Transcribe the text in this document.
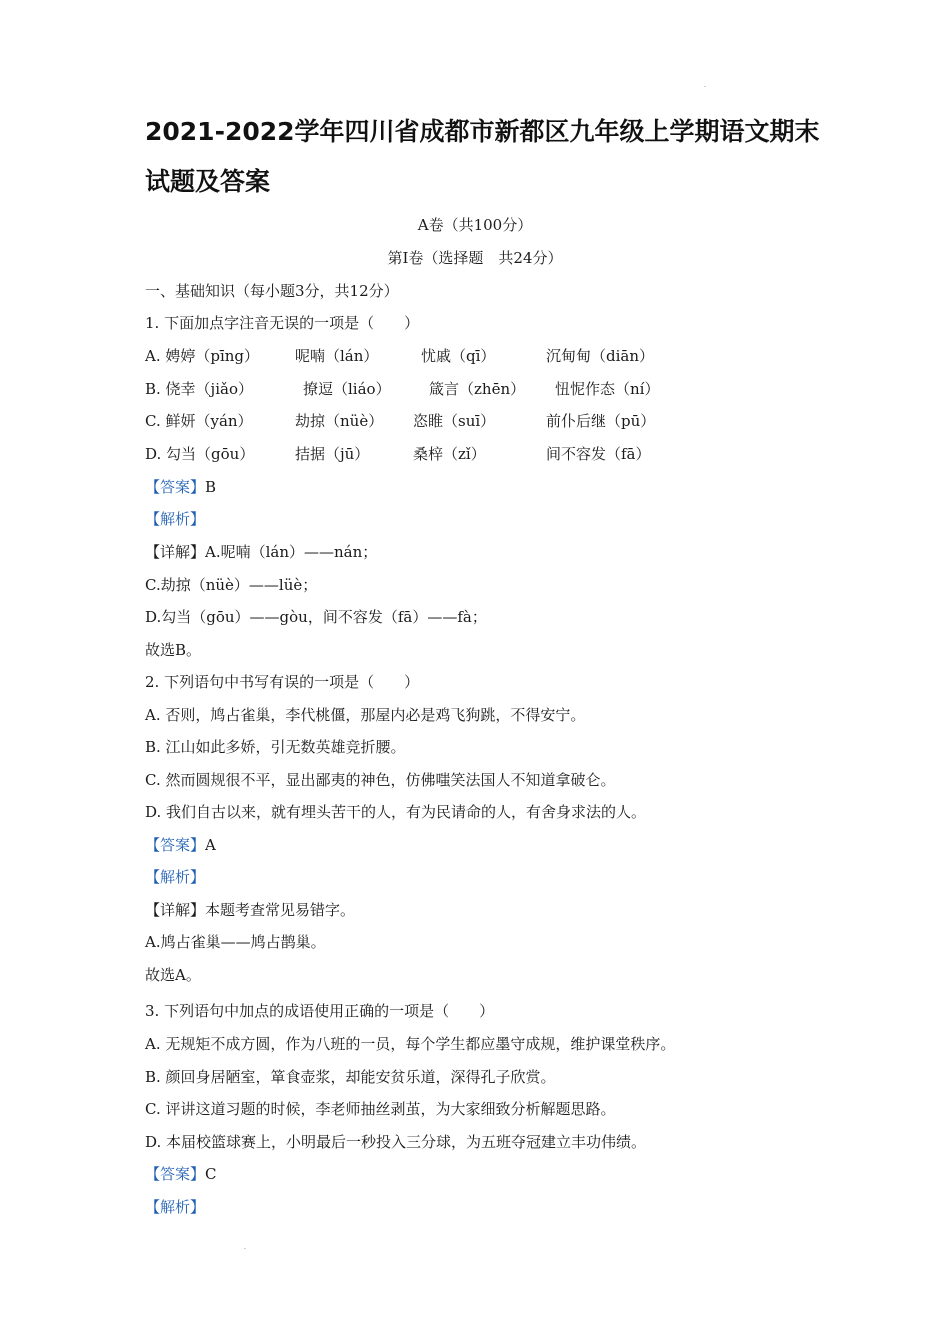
·
2021-2022学年四川省成都市新都区九年级上学期语文期末
试题及答案
A卷（共100分）
第Ⅰ卷（选择题　共24分）
一、基础知识（每小题3分，共12分）
1. 下面加点字注音无误的一项是（　　）
A. 娉婷（pīng） 呢喃（lán）	忧戚（qī）	沉甸甸（diān）
B. 侥幸（jiǎo）	撩逗（liáo）	箴言（zhēn） 忸怩作态（ní）
C. 鲜妍（yán）	劫掠（nüè） 恣睢（suī）	前仆后继（pū）
D. 勾当（gōu）	拮据（jū）	桑梓（zǐ）	间不容发（fā）
【答案】B
【解析】
【详解】A.呢喃（lán）——nán；
C.劫掠（nüè）——lüè；
D.勾当（gōu）——gòu，间不容发（fā）——fà；
故选B。
2. 下列语句中书写有误的一项是（　　）
A. 否则，鸠占雀巢，李代桃僵，那屋内必是鸡飞狗跳，不得安宁。
B. 江山如此多娇，引无数英雄竞折腰。
C. 然而圆规很不平，显出鄙夷的神色，仿佛嗤笑法国人不知道拿破仑。
D. 我们自古以来，就有埋头苦干的人，有为民请命的人，有舍身求法的人。
【答案】A
【解析】
【详解】本题考查常见易错字。
A.鸠占雀巢——鸠占鹊巢。
故选A。
3. 下列语句中加点的成语使用正确的一项是（　　）
A. 无规矩不成方圆，作为八班的一员，每个学生都应墨守成规，维护课堂秩序。
B. 颜回身居陋室，箪食壶浆，却能安贫乐道，深得孔子欣赏。
C. 评讲这道习题的时候，李老师抽丝剥茧，为大家细致分析解题思路。
D. 本届校篮球赛上，小明最后一秒投入三分球，为五班夺冠建立丰功伟绩。
【答案】C
【解析】
·
